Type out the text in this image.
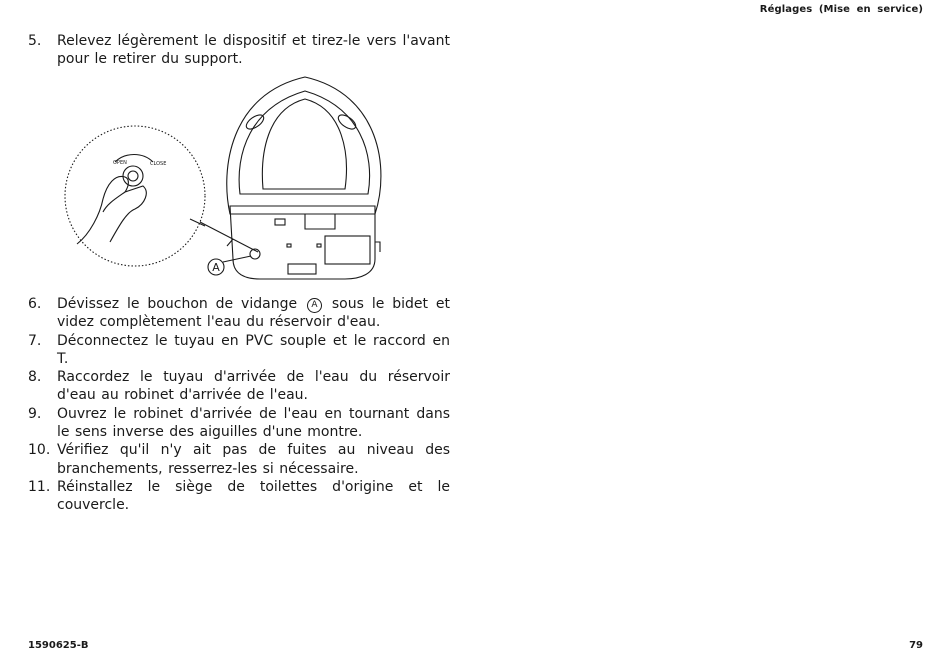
Réglages (Mise en service)
5. Relevez légèrement le dispositif et tirez-le vers l'avant pour le retirer du support.
OPEN	CLOSE
A
6. Dévissez le bouchon de vidange A sous le bidet et videz complètement l'eau du réservoir d'eau.
7. Déconnectez le tuyau en PVC souple et le raccord en T.
8. Raccordez le tuyau d'arrivée de l'eau du réservoir d'eau au robinet d'arrivée de l'eau.
9. Ouvrez le robinet d'arrivée de l'eau en tournant dans le sens inverse des aiguilles d'une montre.
10. Vérifiez qu'il n'y ait pas de fuites au niveau des branchements, resserrez-les si nécessaire.
11. Réinstallez le siège de toilettes d'origine et le couvercle.
1590625-B	79
